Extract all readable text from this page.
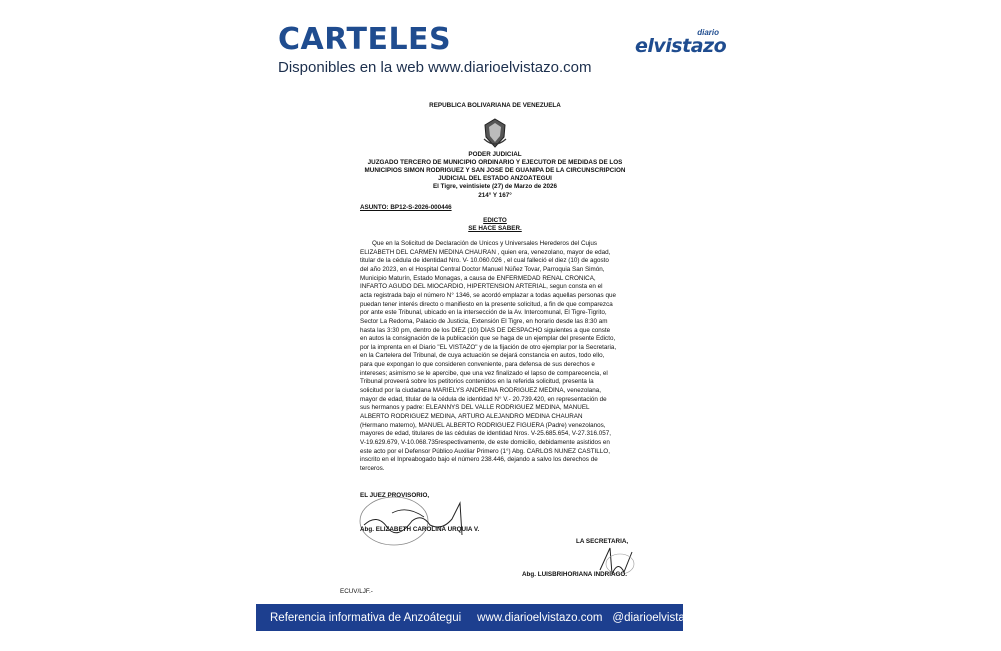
CARTELES
Disponibles en la web www.diarioelvistazo.com
diario
elvistazo
REPÚBLICA BOLIVARIANA DE VENEZUELA
PODER JUDICIAL
JUZGADO TERCERO DE MUNICIPIO ORDINARIO Y EJECUTOR DE MEDIDAS DE LOS
MUNICIPIOS SIMÓN RODRIGUEZ Y SAN JOSÉ DE GUANIPA DE LA CIRCUNSCRIPCIÓN
JUDICIAL DEL ESTADO ANZOÁTEGUI
El Tigre, veintisiete (27) de Marzo de 2026
214° Y 167°
ASUNTO: BP12-S-2026-000446
EDICTO
SE HACE SABER.
Que en la Solicitud de Declaración de Únicos y Universales Herederos del Cujus
ELIZABETH DEL CARMEN MEDINA CHAURAN , quien era, venezolano, mayor de edad,
titular de la cédula de identidad Nro. V- 10.060.026 , el cual falleció el diez (10) de agosto
del año 2023, en el Hospital Central Doctor Manuel Núñez Tovar, Parroquia San Simón,
Municipio Maturín, Estado Monagas, a causa de ENFERMEDAD RENAL CRÓNICA,
INFARTO AGUDO DEL MIOCARDIO, HIPERTENSIÓN ARTERIAL, segun consta en el
acta registrada bajo el número N° 1346, se acordó emplazar a todas aquellas personas que
puedan tener interés directo o manifiesto en la presente solicitud, a fin de que comparezca
por ante este Tribunal, ubicado en la intersección de la Av. Intercomunal, El Tigre-Tigrito,
Sector La Redoma, Palacio de Justicia, Extensión El Tigre, en horario desde las 8:30 am
hasta las 3:30 pm, dentro de los DIEZ (10) DÍAS DE DESPACHO siguientes a que conste
en autos la consignación de la publicación que se haga de un ejemplar del presente Edicto,
por la imprenta en el Diario "EL VISTAZO" y de la fijación de otro ejemplar por la Secretaria,
en la Cartelera del Tribunal, de cuya actuación se dejará constancia en autos, todo ello,
para que expongan lo que consideren conveniente, para defensa de sus derechos e
intereses; asimismo se le apercibe, que una vez finalizado el lapso de comparecencia, el
Tribunal proveerá sobre los petitorios contenidos en la referida solicitud, presenta la
solicitud por la ciudadana MARIELYS ANDREINA RODRIGUEZ MEDINA, venezolana,
mayor de edad, titular de la cédula de identidad N° V.- 20.739.420, en representación de
sus hermanos y padre: ELEANNYS DEL VALLE RODRIGUEZ MEDINA, MANUEL
ALBERTO RODRIGUEZ MEDINA, ARTURO ALEJANDRO MEDINA CHAURAN
(Hermano materno), MANUEL ALBERTO RODRIGUEZ FIGUERA (Padre) venezolanos,
mayores de edad, titulares de las cédulas de identidad Nros. V-25.685.654, V-27.316.057,
V-19.629.679, V-10.068.735respectivamente, de este domicilio, debidamente asistidos en
este acto por el Defensor Público Auxiliar Primero (1°) Abg. CARLOS NUÑEZ CASTILLO,
inscrito en el Inpreabogado bajo el número 238.446, dejando a salvo los derechos de
terceros.
EL JUEZ PROVISORIO,
Abg. ELIZABETH CAROLINA URQUIA V.
LA SECRETARIA,
Abg. LUISBRIHORIANA INDRIAGO.
ECUV/LJF.-
Referencia informativa de Anzoátegui www.diarioelvistazo.com @diarioelvistazo
